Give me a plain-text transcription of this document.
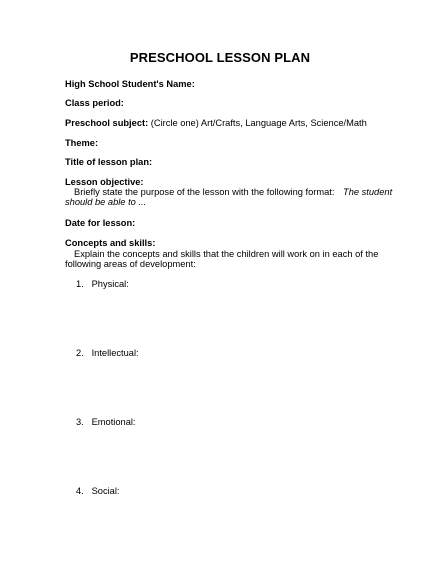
PRESCHOOL LESSON PLAN
High School Student's Name:
Class period:
Preschool subject: (Circle one) Art/Crafts, Language Arts, Science/Math
Theme:
Title of lesson plan:
Lesson objective:
Briefly state the purpose of the lesson with the following format: The student
should be able to ...
Date for lesson:
Concepts and skills:
Explain the concepts and skills that the children will work on in each of the
following areas of development:
1. Physical:
2. Intellectual:
3. Emotional:
4. Social:
